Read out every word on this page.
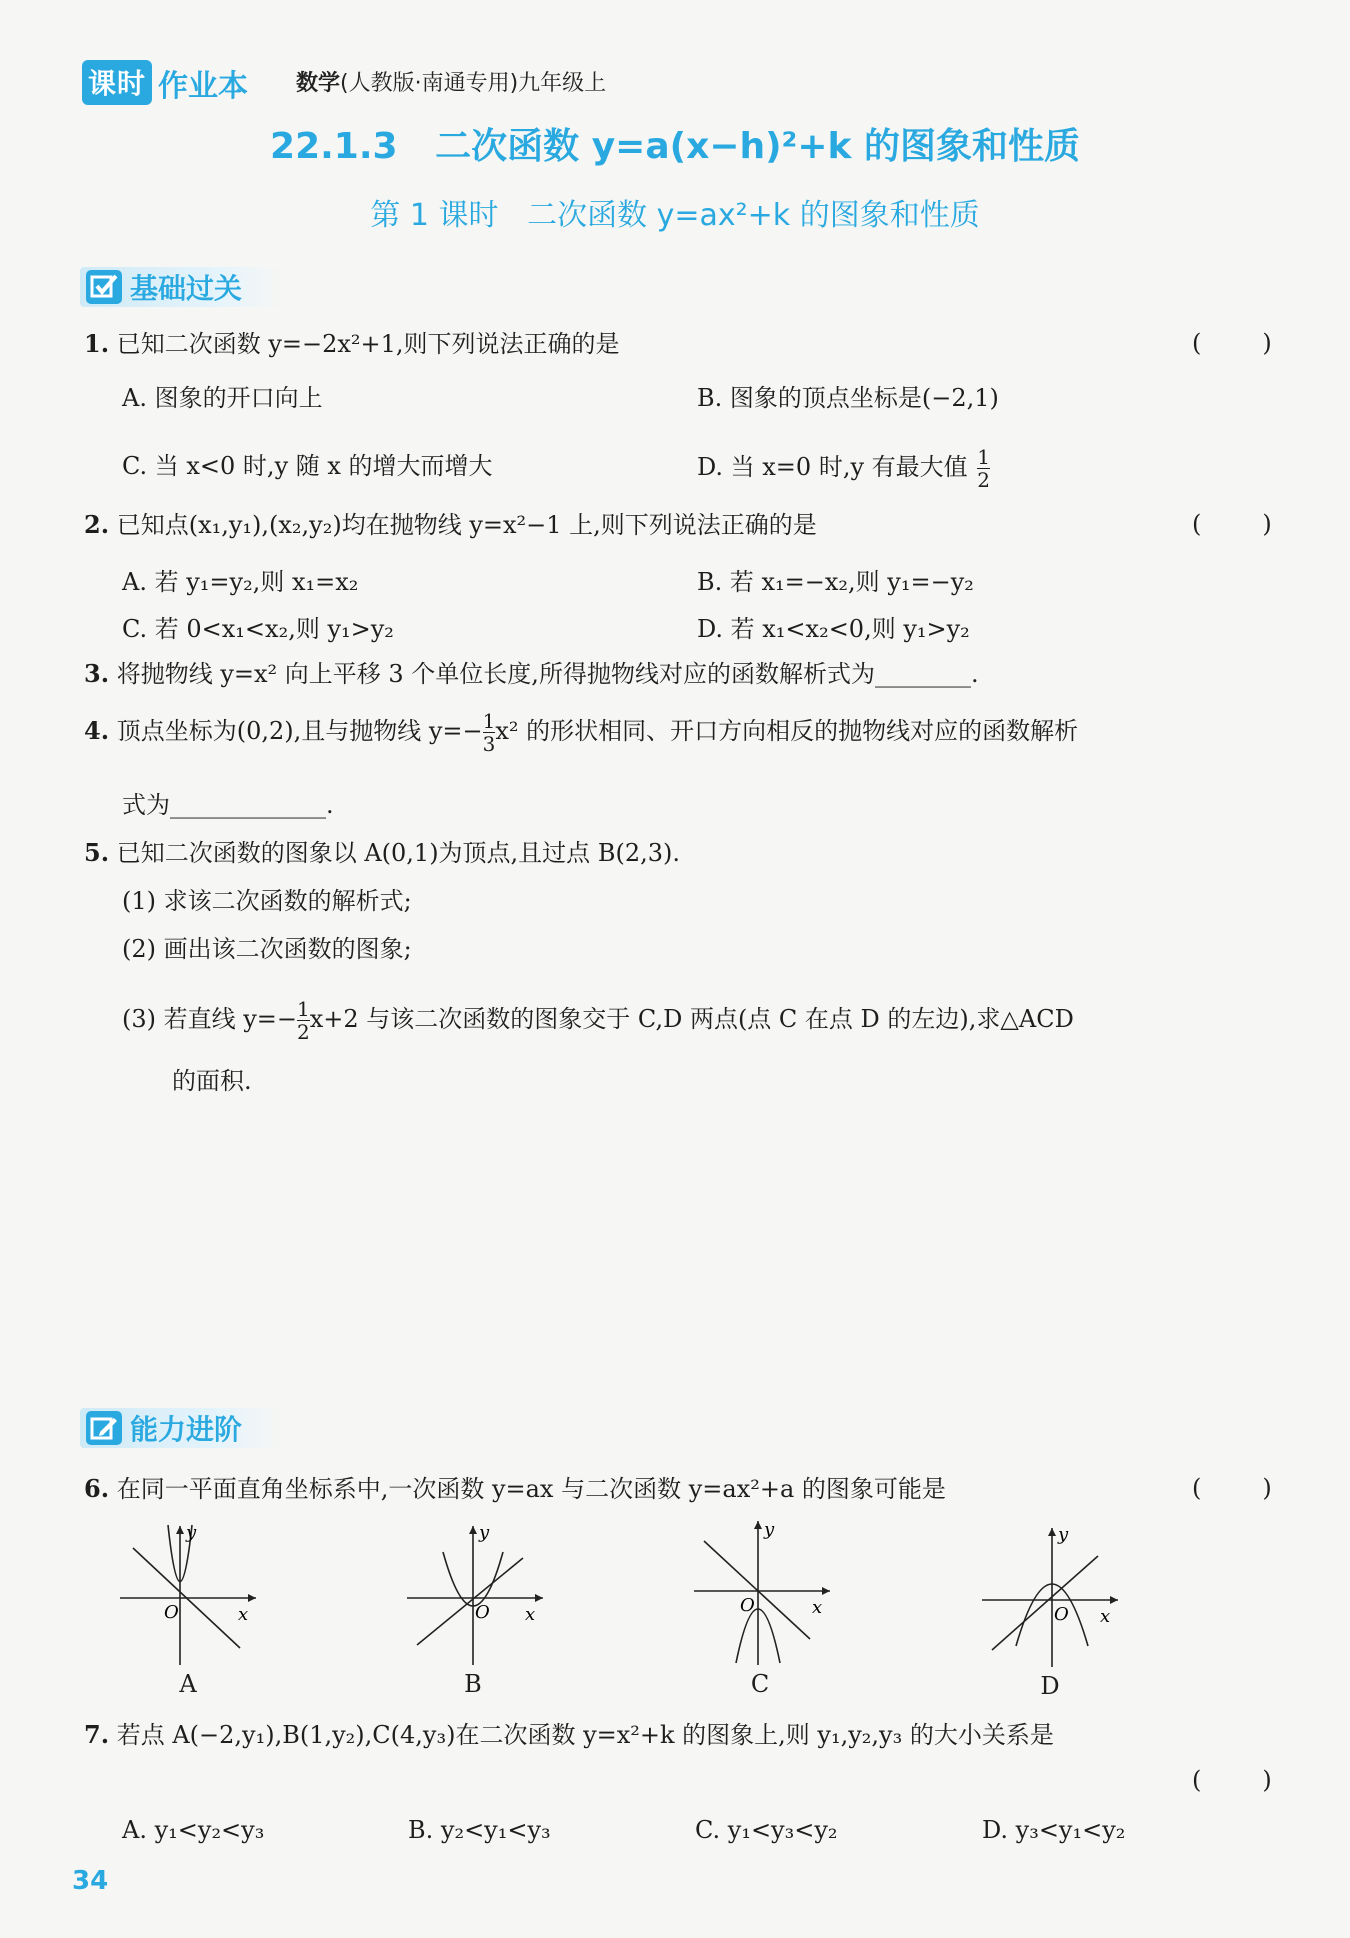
课时 作业本 数学(人教版·南通专用)九年级上
22.1.3   二次函数 y=a(x−h)²+k 的图象和性质
第 1 课时   二次函数 y=ax²+k 的图象和性质
基础过关
1. 已知二次函数 y=−2x²+1,则下列说法正确的是	(        )
A. 图象的开口向上	B. 图象的顶点坐标是(−2,1)
C. 当 x<0 时,y 随 x 的增大而增大	D. 当 x=0 时,y 有最大值 $\frac{1}{2}$
2. 已知点(x₁,y₁),(x₂,y₂)均在抛物线 y=x²−1 上,则下列说法正确的是	(        )
A. 若 y₁=y₂,则 x₁=x₂	B. 若 x₁=−x₂,则 y₁=−y₂
C. 若 0<x₁<x₂,则 y₁>y₂	D. 若 x₁<x₂<0,则 y₁>y₂
3. 将抛物线 y=x² 向上平移 3 个单位长度,所得抛物线对应的函数解析式为________.
4. 顶点坐标为(0,2),且与抛物线 $y=- \frac{1}{3} x^2$ 的形状相同、开口方向相反的抛物线对应的函数解析
式为_____________.
5. 已知二次函数的图象以 A(0,1)为顶点,且过点 B(2,3).
(1) 求该二次函数的解析式;
(2) 画出该二次函数的图象;
(3) 若直线 $y=- \frac{1}{2} x+2$ 与该二次函数的图象交于 C,D 两点(点 C 在点 D 的左边),求△ACD
的面积.
能力进阶
6. 在同一平面直角坐标系中,一次函数 y=ax 与二次函数 y=ax²+a 的图象可能是	(        )
y
x
O
A
y
x
O
B
y
x
O
C
y
x
O
D
7. 若点 A(−2,y₁),B(1,y₂),C(4,y₃)在二次函数 y=x²+k 的图象上,则 y₁,y₂,y₃ 的大小关系是
(        )
A. y₁<y₂<y₃	B. y₂<y₁<y₃	C. y₁<y₃<y₂	D. y₃<y₁<y₂
34
